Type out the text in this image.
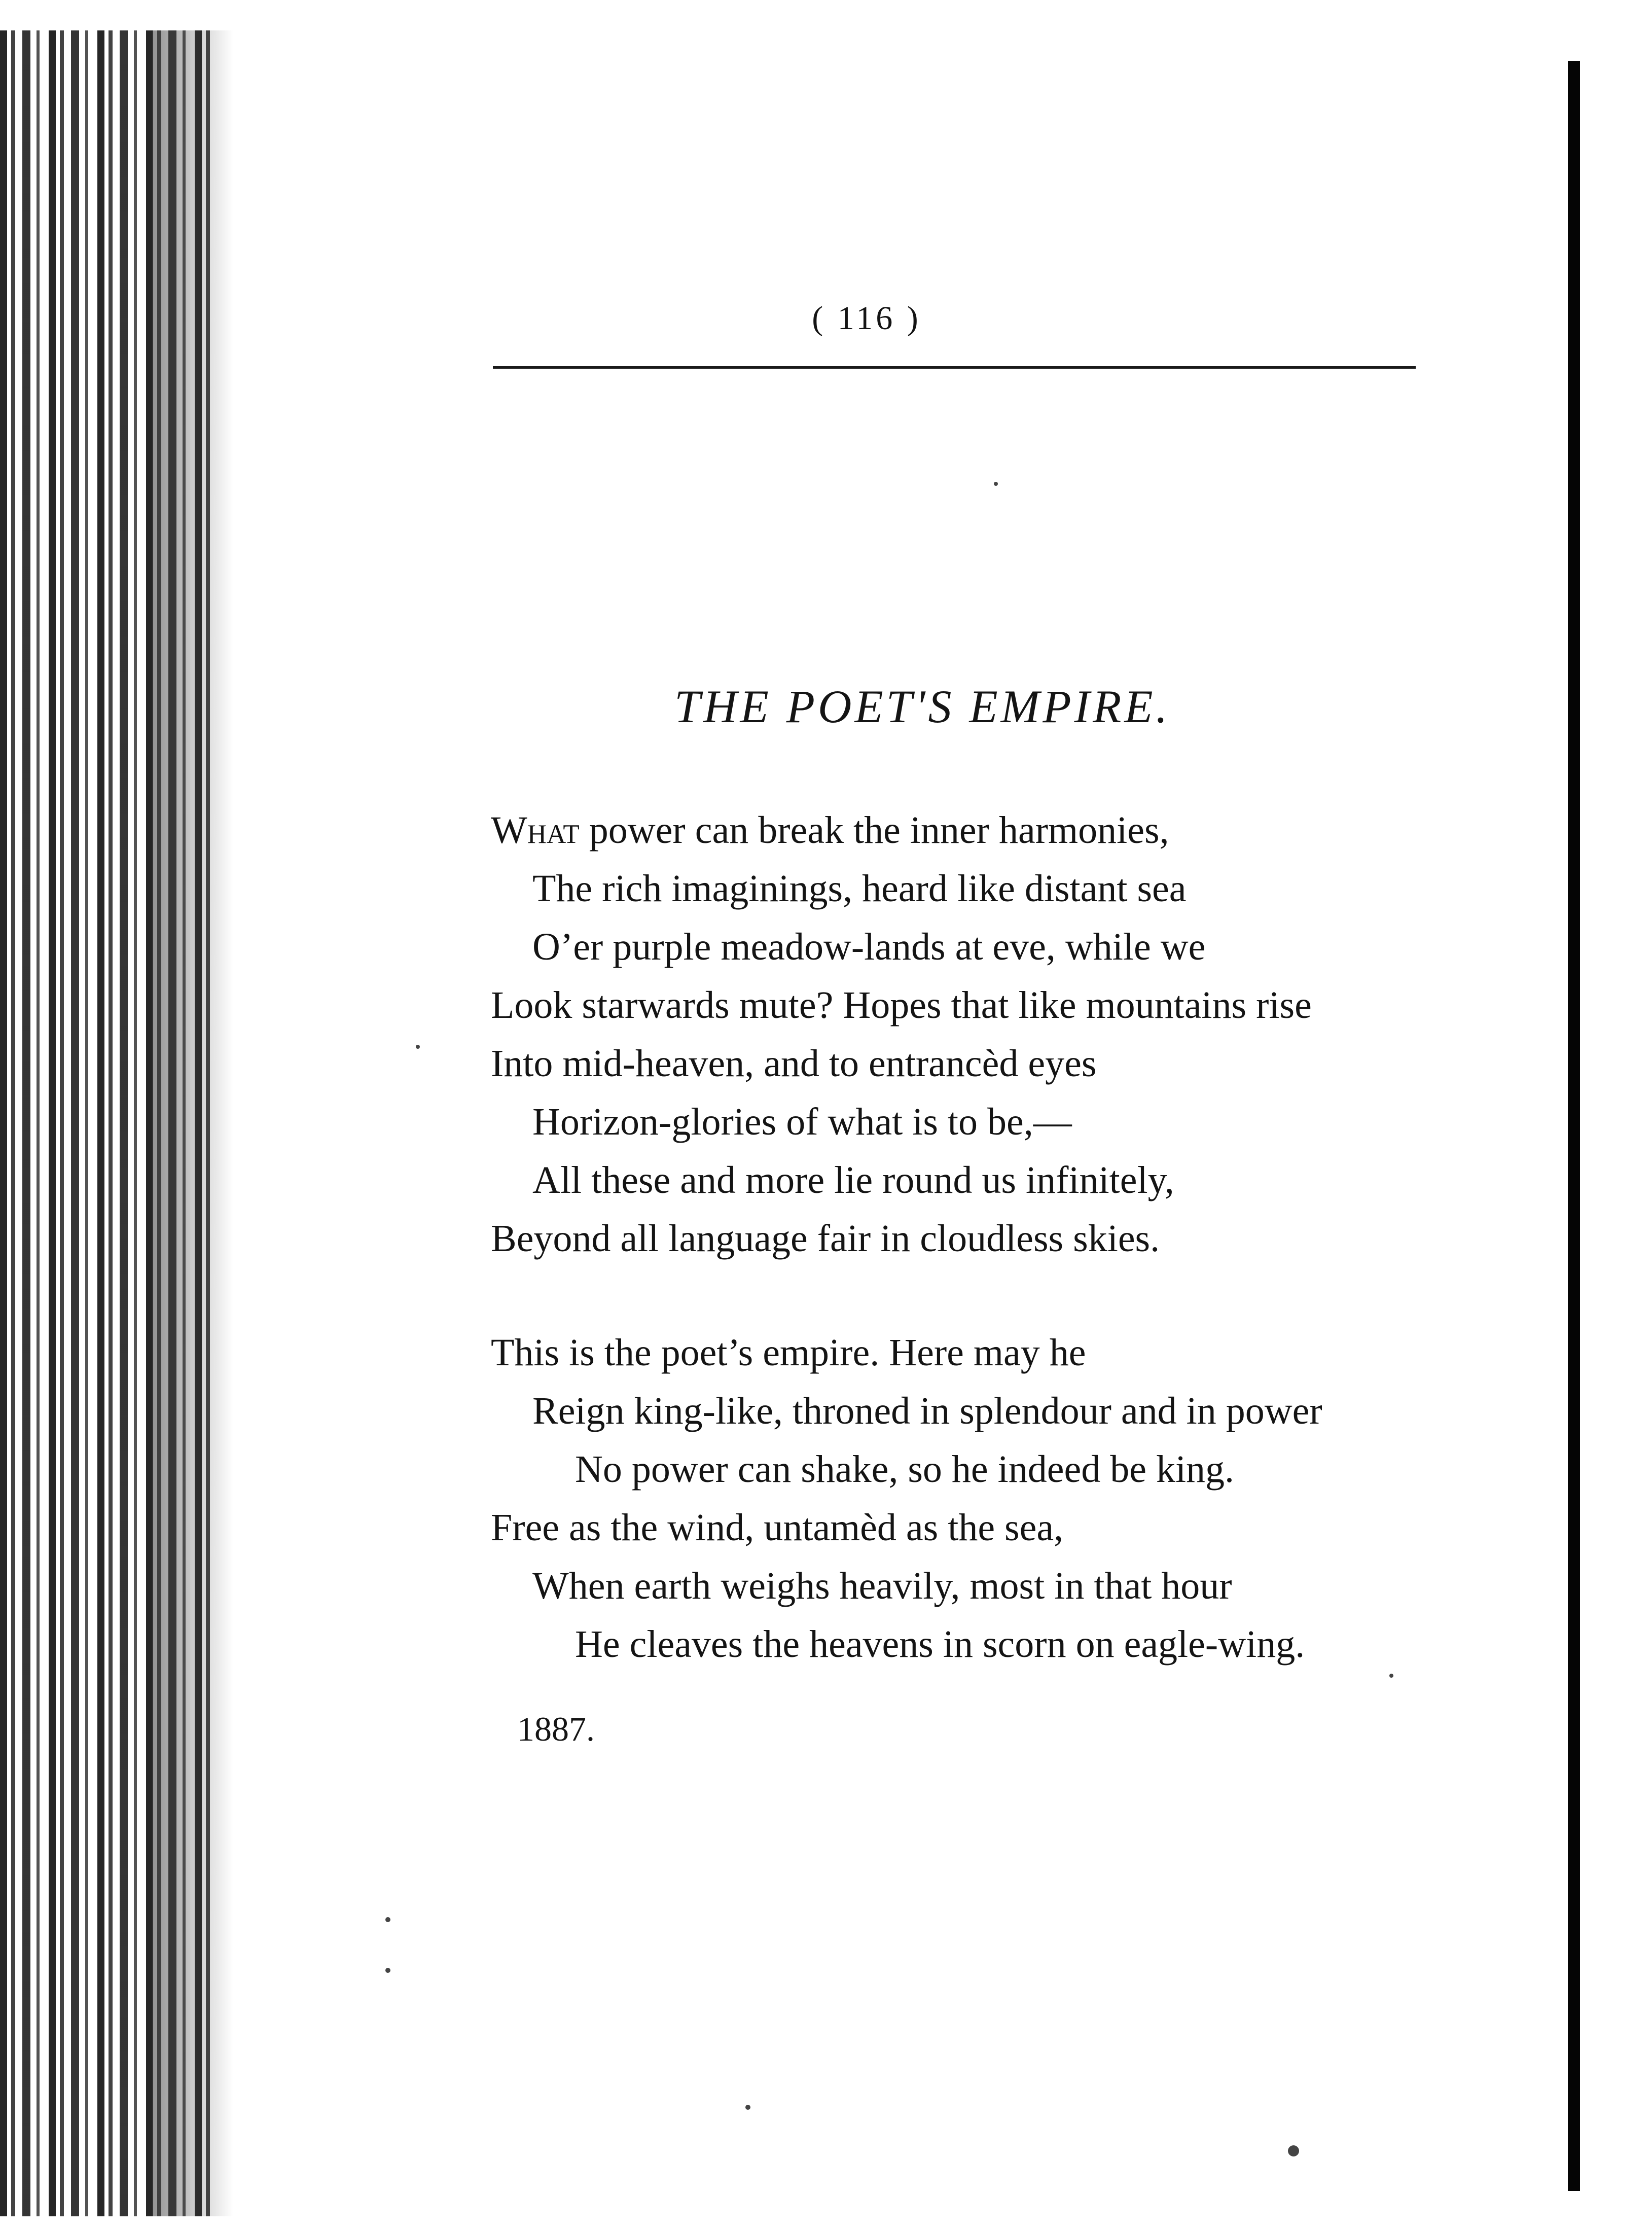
( 116 )
THE POET'S EMPIRE.
What power can break the inner harmonies,
The rich imaginings, heard like distant sea
O’er purple meadow-lands at eve, while we
Look starwards mute? Hopes that like mountains rise
Into mid-heaven, and to entrancèd eyes
Horizon-glories of what is to be,—
All these and more lie round us infinitely,
Beyond all language fair in cloudless skies.
This is the poet’s empire. Here may he
Reign king-like, throned in splendour and in power
No power can shake, so he indeed be king.
Free as the wind, untamèd as the sea,
When earth weighs heavily, most in that hour
He cleaves the heavens in scorn on eagle-wing.
1887.
